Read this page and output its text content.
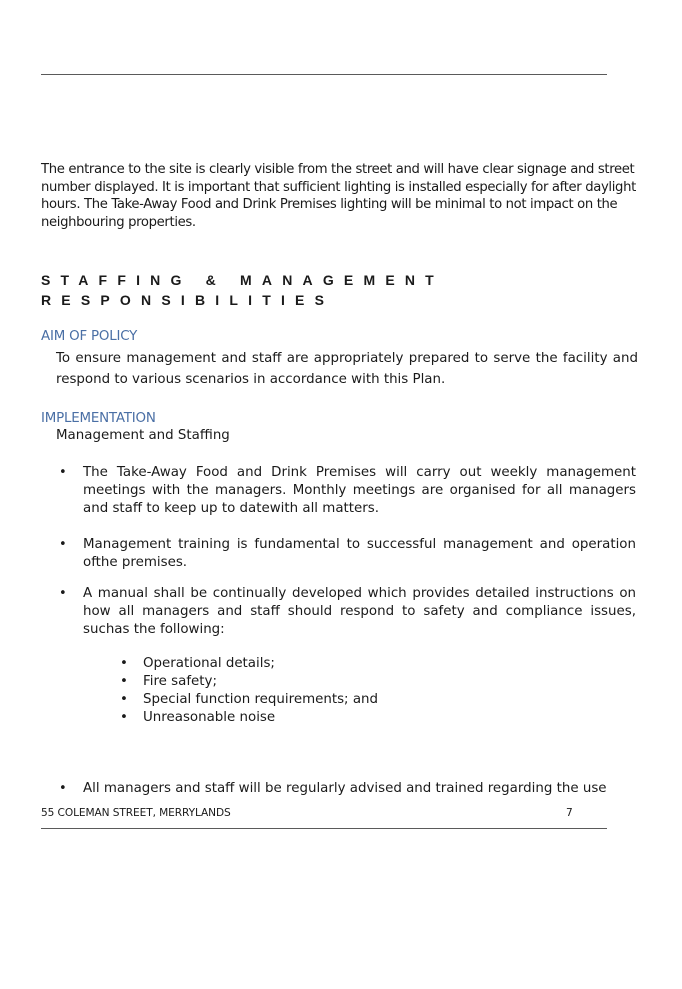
The entrance to the site is clearly visible from the street and will have clear signage and street number displayed. It is important that sufficient lighting is installed especially for after daylight hours. The Take-Away Food and Drink Premises lighting will be minimal to not impact on the neighbouring properties.

STAFFING & MANAGEMENT
RESPONSIBILITIES

AIM OF POLICY

To ensure management and staff are appropriately prepared to serve the facility and respond to various scenarios in accordance with this Plan.

IMPLEMENTATION

Management and Staffing

• The Take-Away Food and Drink Premises will carry out weekly management meetings with the managers. Monthly meetings are organised for all managers and staff to keep up to datewith all matters.
• Management training is fundamental to successful management and operation ofthe premises.
• A manual shall be continually developed which provides detailed instructions on how all managers and staff should respond to safety and compliance issues, suchas the following:
• All managers and staff will be regularly advised and trained regarding the use
• Operational details;
• Fire safety;
• Special function requirements; and
• Unreasonable noise
55 COLEMAN STREET, MERRYLANDS	7
